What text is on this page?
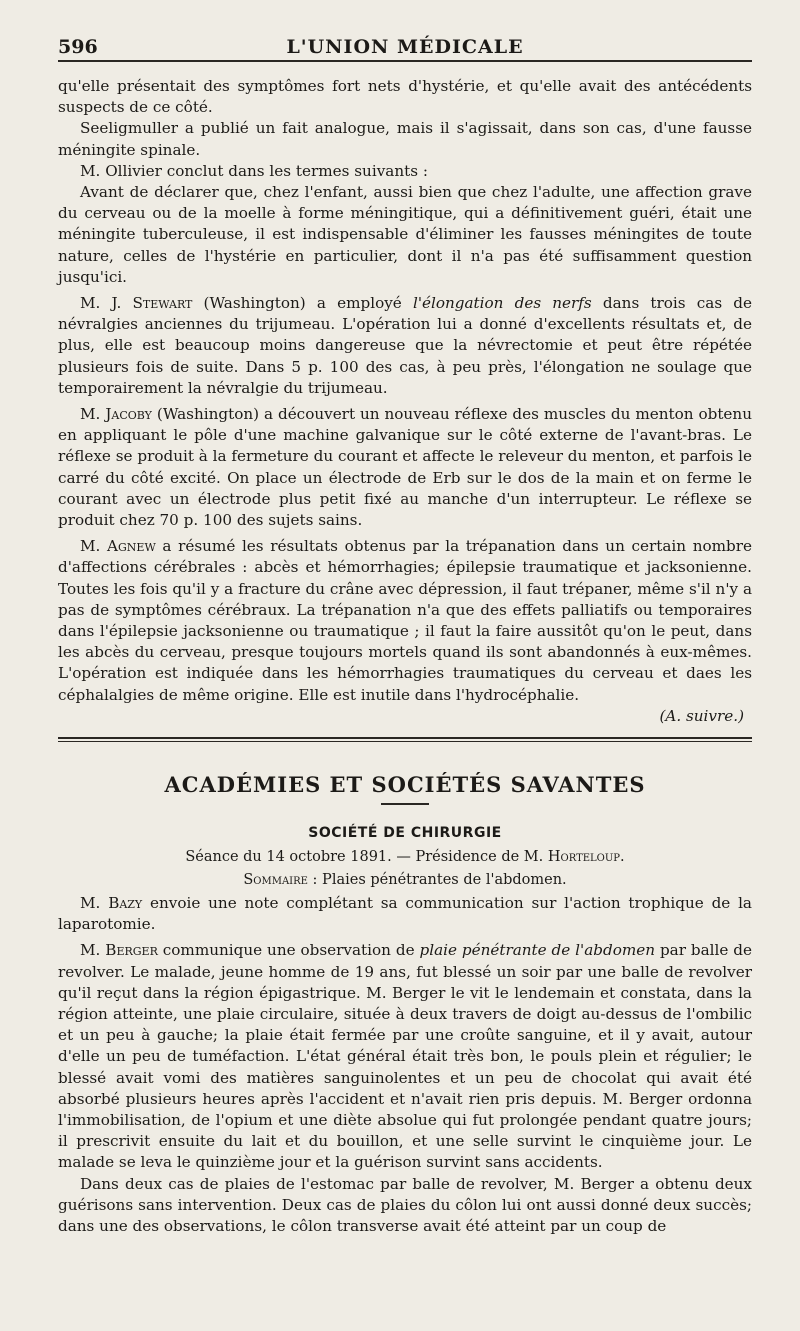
596	L'UNION MÉDICALE

qu'elle présentait des symptômes fort nets d'hystérie, et qu'elle avait des antécédents suspects de ce côté.

Seeligmuller a publié un fait analogue, mais il s'agissait, dans son cas, d'une fausse méningite spinale.

M. Ollivier conclut dans les termes suivants :

Avant de déclarer que, chez l'enfant, aussi bien que chez l'adulte, une affection grave du cerveau ou de la moelle à forme méningitique, qui a définitivement guéri, était une méningite tuberculeuse, il est indispensable d'éliminer les fausses méningites de toute nature, celles de l'hystérie en particulier, dont il n'a pas été suffisamment question jusqu'ici.

M. J. Stewart (Washington) a employé l'élongation des nerfs dans trois cas de névralgies anciennes du trijumeau. L'opération lui a donné d'excellents résultats et, de plus, elle est beaucoup moins dangereuse que la névrectomie et peut être répétée plusieurs fois de suite. Dans 5 p. 100 des cas, à peu près, l'élongation ne soulage que temporairement la névralgie du trijumeau.

M. Jacoby (Washington) a découvert un nouveau réflexe des muscles du menton obtenu en appliquant le pôle d'une machine galvanique sur le côté externe de l'avant-bras. Le réflexe se produit à la fermeture du courant et affecte le releveur du menton, et parfois le carré du côté excité. On place un électrode de Erb sur le dos de la main et on ferme le courant avec un électrode plus petit fixé au manche d'un interrupteur. Le réflexe se produit chez 70 p. 100 des sujets sains.

M. Agnew a résumé les résultats obtenus par la trépanation dans un certain nombre d'affections cérébrales : abcès et hémorrhagies; épilepsie traumatique et jacksonienne. Toutes les fois qu'il y a fracture du crâne avec dépression, il faut trépaner, même s'il n'y a pas de symptômes cérébraux. La trépanation n'a que des effets palliatifs ou temporaires dans l'épilepsie jacksonienne ou traumatique ; il faut la faire aussitôt qu'on le peut, dans les abcès du cerveau, presque toujours mortels quand ils sont abandonnés à eux-mêmes. L'opération est indiquée dans les hémorrhagies traumatiques du cerveau et daes les céphalalgies de même origine. Elle est inutile dans l'hydrocéphalie.

(A. suivre.)
ACADÉMIES ET SOCIÉTÉS SAVANTES
SOCIÉTÉ DE CHIRURGIE
Séance du 14 octobre 1891. — Présidence de M. Horteloup.
Sommaire : Plaies pénétrantes de l'abdomen.

M. Bazy envoie une note complétant sa communication sur l'action trophique de la laparotomie.

M. Berger communique une observation de plaie pénétrante de l'abdomen par balle de revolver. Le malade, jeune homme de 19 ans, fut blessé un soir par une balle de revolver qu'il reçut dans la région épigastrique. M. Berger le vit le lendemain et constata, dans la région atteinte, une plaie circulaire, située à deux travers de doigt au-dessus de l'ombilic et un peu à gauche; la plaie était fermée par une croûte sanguine, et il y avait, autour d'elle un peu de tuméfaction. L'état général était très bon, le pouls plein et régulier; le blessé avait vomi des matières sanguinolentes et un peu de chocolat qui avait été absorbé plusieurs heures après l'accident et n'avait rien pris depuis. M. Berger ordonna l'immobilisation, de l'opium et une diète absolue qui fut prolongée pendant quatre jours; il prescrivit ensuite du lait et du bouillon, et une selle survint le cinquième jour. Le malade se leva le quinzième jour et la guérison survint sans accidents.

Dans deux cas de plaies de l'estomac par balle de revolver, M. Berger a obtenu deux guérisons sans intervention. Deux cas de plaies du côlon lui ont aussi donné deux succès; dans une des observations, le côlon transverse avait été atteint par un coup de
